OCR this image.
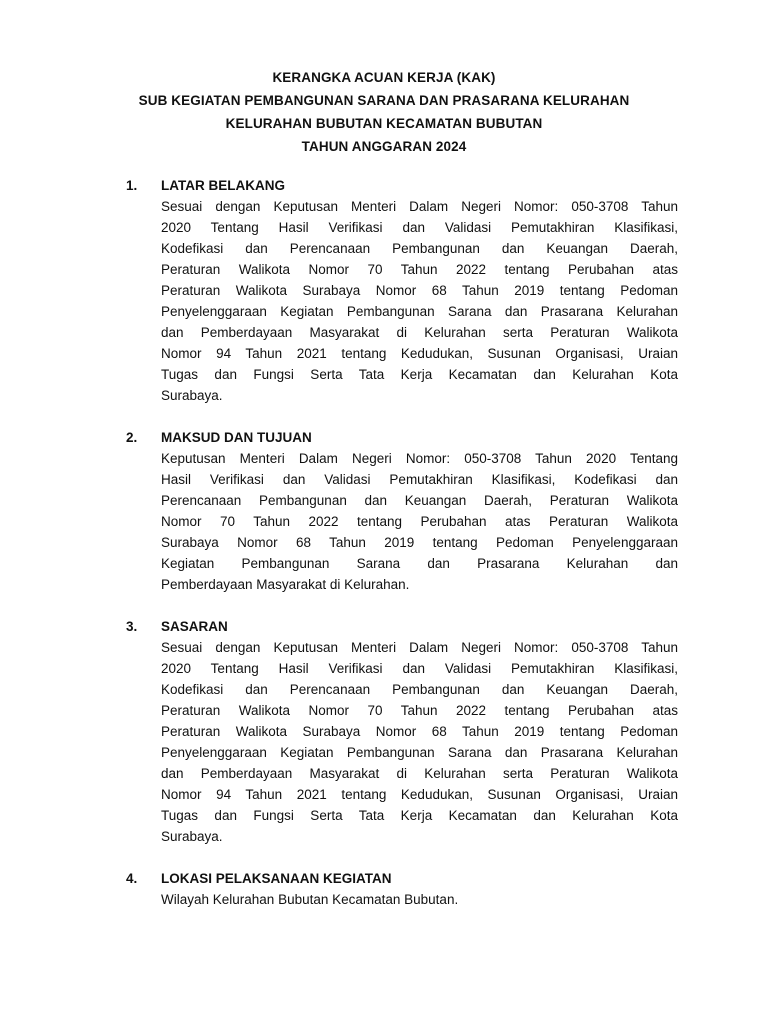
KERANGKA ACUAN KERJA (KAK)
SUB KEGIATAN PEMBANGUNAN SARANA DAN PRASARANA KELURAHAN
KELURAHAN BUBUTAN KECAMATAN BUBUTAN
TAHUN ANGGARAN 2024
1. LATAR BELAKANG
Sesuai dengan Keputusan Menteri Dalam Negeri Nomor: 050-3708 Tahun
2020 Tentang Hasil Verifikasi dan Validasi Pemutakhiran Klasifikasi,
Kodefikasi dan Perencanaan Pembangunan dan Keuangan Daerah,
Peraturan Walikota Nomor 70 Tahun 2022 tentang Perubahan atas
Peraturan Walikota Surabaya Nomor 68 Tahun 2019 tentang Pedoman
Penyelenggaraan Kegiatan Pembangunan Sarana dan Prasarana Kelurahan
dan Pemberdayaan Masyarakat di Kelurahan serta Peraturan Walikota
Nomor 94 Tahun 2021 tentang Kedudukan, Susunan Organisasi, Uraian
Tugas dan Fungsi Serta Tata Kerja Kecamatan dan Kelurahan Kota
Surabaya.
2. MAKSUD DAN TUJUAN
Keputusan Menteri Dalam Negeri Nomor: 050-3708 Tahun 2020 Tentang
Hasil Verifikasi dan Validasi Pemutakhiran Klasifikasi, Kodefikasi dan
Perencanaan Pembangunan dan Keuangan Daerah, Peraturan Walikota
Nomor 70 Tahun 2022 tentang Perubahan atas Peraturan Walikota
Surabaya Nomor 68 Tahun 2019 tentang Pedoman Penyelenggaraan
Kegiatan Pembangunan Sarana dan Prasarana Kelurahan dan
Pemberdayaan Masyarakat di Kelurahan.
3. SASARAN
Sesuai dengan Keputusan Menteri Dalam Negeri Nomor: 050-3708 Tahun
2020 Tentang Hasil Verifikasi dan Validasi Pemutakhiran Klasifikasi,
Kodefikasi dan Perencanaan Pembangunan dan Keuangan Daerah,
Peraturan Walikota Nomor 70 Tahun 2022 tentang Perubahan atas
Peraturan Walikota Surabaya Nomor 68 Tahun 2019 tentang Pedoman
Penyelenggaraan Kegiatan Pembangunan Sarana dan Prasarana Kelurahan
dan Pemberdayaan Masyarakat di Kelurahan serta Peraturan Walikota
Nomor 94 Tahun 2021 tentang Kedudukan, Susunan Organisasi, Uraian
Tugas dan Fungsi Serta Tata Kerja Kecamatan dan Kelurahan Kota
Surabaya.
4. LOKASI PELAKSANAAN KEGIATAN
Wilayah Kelurahan Bubutan Kecamatan Bubutan.
